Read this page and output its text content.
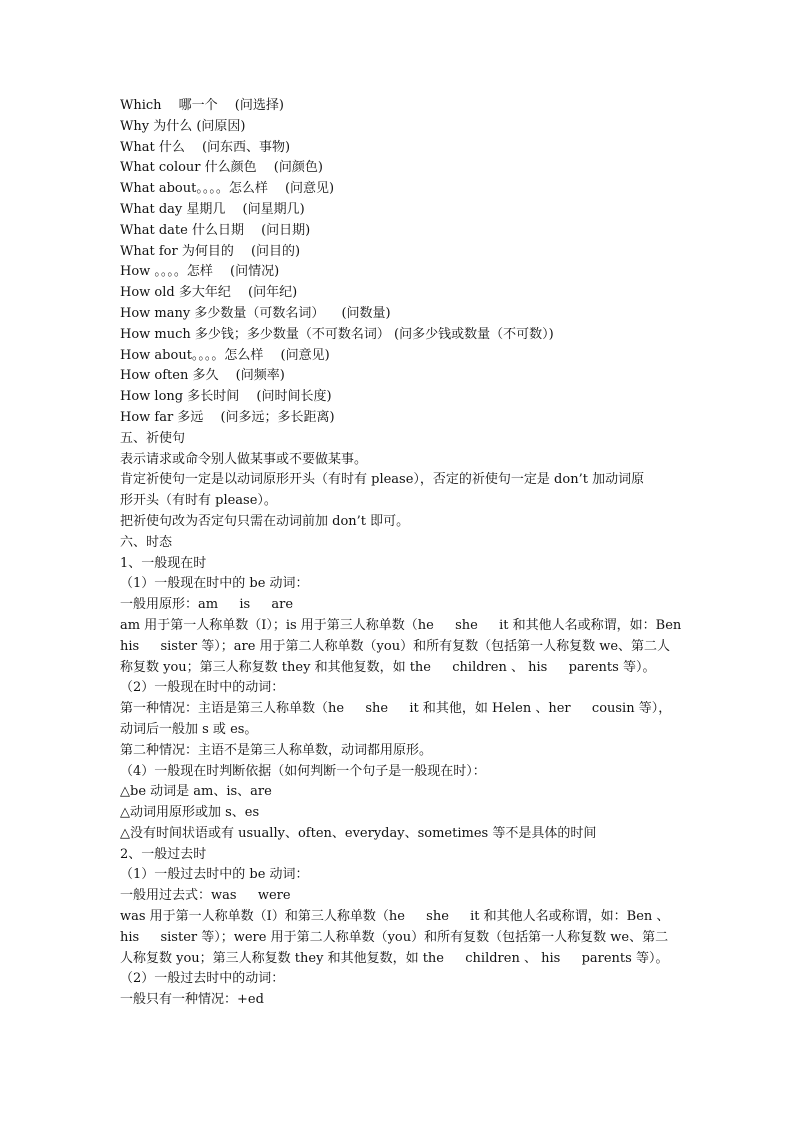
Which 　哪一个 　(问选择)
Why 为什么 (问原因)
What 什么 　(问东西、事物)
What colour 什么颜色 　(问颜色)
What about。。。。怎么样 　(问意见)
What day 星期几 　(问星期几)
What date 什么日期 　(问日期)
What for 为何目的 　(问目的)
How 。。。。怎样 　(问情况)
How old 多大年纪 　(问年纪)
How many 多少数量（可数名词） 　(问数量)
How much 多少钱；多少数量（不可数名词） (问多少钱或数量（不可数）)
How about。。。。怎么样 　(问意见)
How often 多久 　(问频率)
How long 多长时间 　(问时间长度)
How far 多远 　(问多远；多长距离)
五、祈使句
表示请求或命令别人做某事或不要做某事。
肯定祈使句一定是以动词原形开头（有时有 please），否定的祈使句一定是 don’t 加动词原
形开头（有时有 please）。
把祈使句改为否定句只需在动词前加 don’t 即可。
六、时态
1、一般现在时
（1）一般现在时中的 be 动词：
一般用原形：am 　 is 　 are
am 用于第一人称单数（I）；is 用于第三人称单数（he 　 she 　 it 和其他人名或称谓，如：Ben
his 　 sister 等）；are 用于第二人称单数（you）和所有复数（包括第一人称复数 we、第二人
称复数 you；第三人称复数 they 和其他复数，如 the 　 children 、 his 　 parents 等）。
（2）一般现在时中的动词：
第一种情况：主语是第三人称单数（he 　 she 　 it 和其他，如 Helen 、her 　 cousin 等），
动词后一般加 s 或 es。
第二种情况：主语不是第三人称单数，动词都用原形。
（4）一般现在时判断依据（如何判断一个句子是一般现在时）：
△be 动词是 am、is、are
△动词用原形或加 s、es
△没有时间状语或有 usually、often、everyday、sometimes 等不是具体的时间
2、一般过去时
（1）一般过去时中的 be 动词：
一般用过去式：was 　 were
was 用于第一人称单数（I）和第三人称单数（he 　 she 　 it 和其他人名或称谓，如：Ben 、
his 　 sister 等）；were 用于第二人称单数（you）和所有复数（包括第一人称复数 we、第二
人称复数 you；第三人称复数 they 和其他复数，如 the 　 children 、 his 　 parents 等）。
（2）一般过去时中的动词：
一般只有一种情况：+ed
